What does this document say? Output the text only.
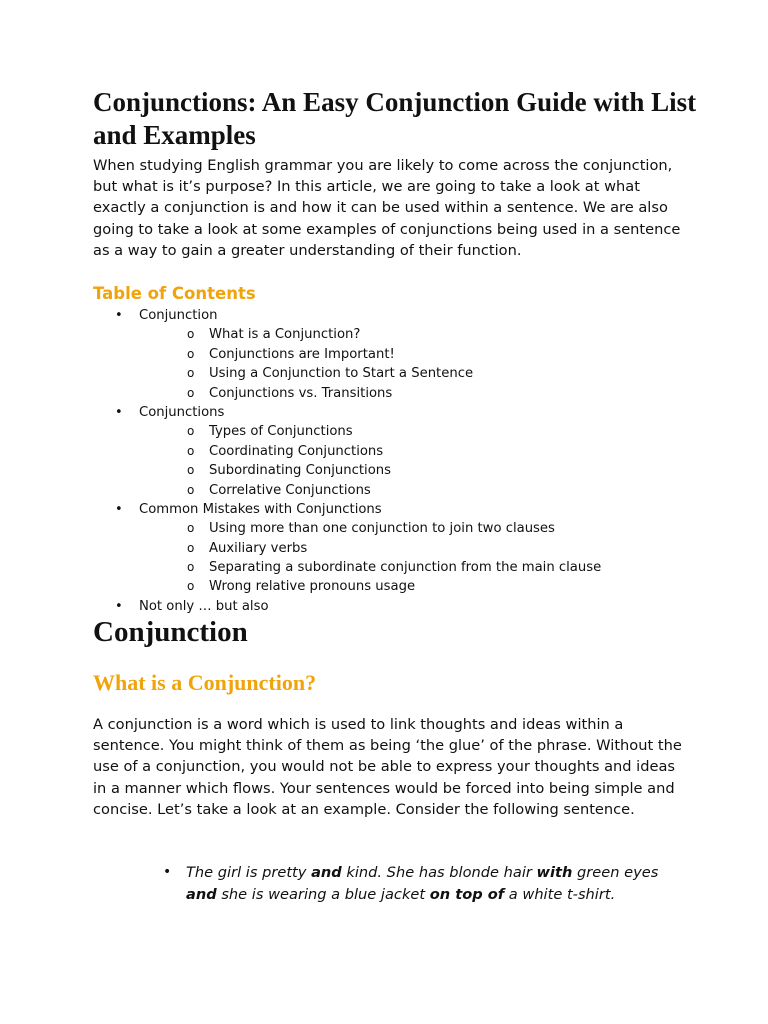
Conjunctions: An Easy Conjunction Guide with List and Examples

When studying English grammar you are likely to come across the conjunction, but what is it’s purpose? In this article, we are going to take a look at what exactly a conjunction is and how it can be used within a sentence. We are also going to take a look at some examples of conjunctions being used in a sentence as a way to gain a greater understanding of their function.

Table of Contents
• Conjunction
o What is a Conjunction?
o Conjunctions are Important!
o Using a Conjunction to Start a Sentence
o Conjunctions vs. Transitions
• Conjunctions
o Types of Conjunctions
o Coordinating Conjunctions
o Subordinating Conjunctions
o Correlative Conjunctions
• Common Mistakes with Conjunctions
o Using more than one conjunction to join two clauses
o Auxiliary verbs
o Separating a subordinate conjunction from the main clause
o Wrong relative pronouns usage
• Not only … but also
Conjunction
What is a Conjunction?

A conjunction is a word which is used to link thoughts and ideas within a sentence. You might think of them as being ‘the glue’ of the phrase. Without the use of a conjunction, you would not be able to express your thoughts and ideas in a manner which flows. Your sentences would be forced into being simple and concise. Let’s take a look at an example. Consider the following sentence.

• The girl is pretty and kind. She has blonde hair with green eyes and she is wearing a blue jacket on top of a white t-shirt.
